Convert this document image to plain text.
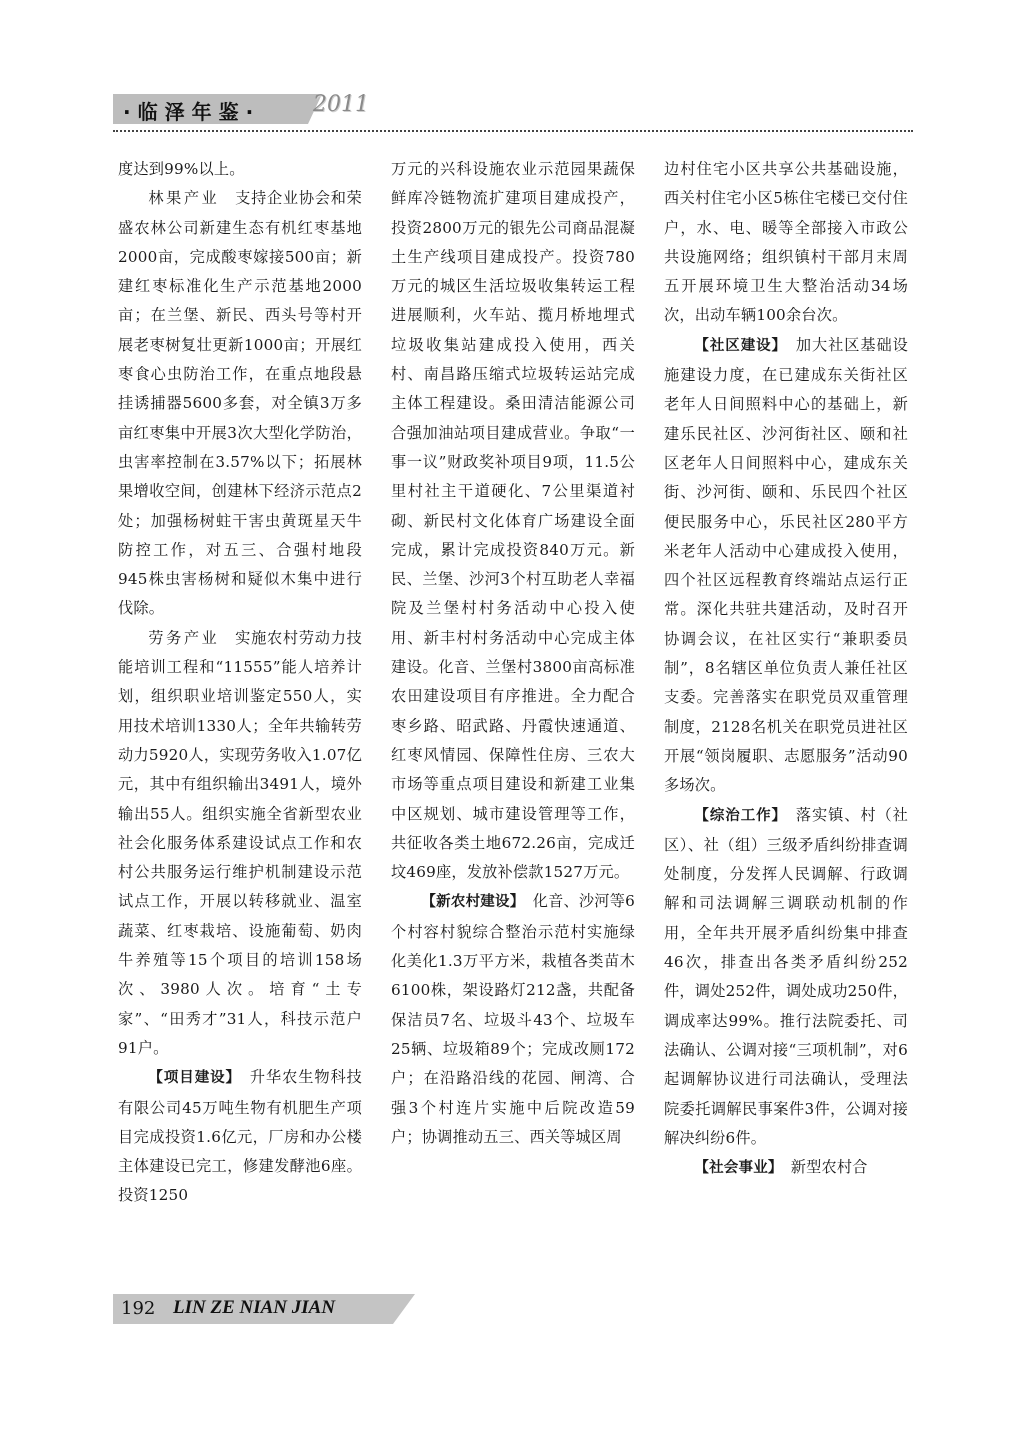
·临泽年鉴· 2011

度达到99%以上。

林果产业　支持企业协会和荣盛农林公司新建生态有机红枣基地2000亩，完成酸枣嫁接500亩；新建红枣标准化生产示范基地2000亩；在兰堡、新民、西头号等村开展老枣树复壮更新1000亩；开展红枣食心虫防治工作，在重点地段悬挂诱捕器5600多套，对全镇3万多亩红枣集中开展3次大型化学防治，虫害率控制在3.57%以下；拓展林果增收空间，创建林下经济示范点2处；加强杨树蛀干害虫黄斑星天牛防控工作，对五三、合强村地段945株虫害杨树和疑似木集中进行伐除。

劳务产业　实施农村劳动力技能培训工程和“11555”能人培养计划，组织职业培训鉴定550人，实用技术培训1330人；全年共输转劳动力5920人，实现劳务收入1.07亿元，其中有组织输出3491人，境外输出55人。组织实施全省新型农业社会化服务体系建设试点工作和农村公共服务运行维护机制建设示范试点工作，开展以转移就业、温室蔬菜、红枣栽培、设施葡萄、奶肉牛养殖等15个项目的培训158场次、3980人次。培育“土专家”、“田秀才”31人，科技示范户91户。

【项目建设】　升华农生物科技有限公司45万吨生物有机肥生产项目完成投资1.6亿元，厂房和办公楼主体建设已完工，修建发酵池6座。投资1250

万元的兴科设施农业示范园果蔬保鲜库冷链物流扩建项目建成投产，投资2800万元的银先公司商品混凝土生产线项目建成投产。投资780万元的城区生活垃圾收集转运工程进展顺利，火车站、揽月桥地埋式垃圾收集站建成投入使用，西关村、南昌路压缩式垃圾转运站完成主体工程建设。桑田清洁能源公司合强加油站项目建成营业。争取“一事一议”财政奖补项目9项，11.5公里村社主干道硬化、7公里渠道衬砌、新民村文化体育广场建设全面完成，累计完成投资840万元。新民、兰堡、沙河3个村互助老人幸福院及兰堡村村务活动中心投入使用、新丰村村务活动中心完成主体建设。化音、兰堡村3800亩高标准农田建设项目有序推进。全力配合枣乡路、昭武路、丹霞快速通道、红枣风情园、保障性住房、三农大市场等重点项目建设和新建工业集中区规划、城市建设管理等工作，共征收各类土地672.26亩，完成迁坟469座，发放补偿款1527万元。

【新农村建设】　化音、沙河等6个村容村貌综合整治示范村实施绿化美化1.3万平方米，栽植各类苗木6100株，架设路灯212盏，共配备保洁员7名、垃圾斗43个、垃圾车25辆、垃圾箱89个；完成改厕172户；在沿路沿线的花园、闸湾、合强3个村连片实施中后院改造59户；协调推动五三、西关等城区周

边村住宅小区共享公共基础设施，西关村住宅小区5栋住宅楼已交付住户，水、电、暖等全部接入市政公共设施网络；组织镇村干部月末周五开展环境卫生大整治活动34场次，出动车辆100余台次。

【社区建设】　加大社区基础设施建设力度，在已建成东关街社区老年人日间照料中心的基础上，新建乐民社区、沙河街社区、颐和社区老年人日间照料中心，建成东关街、沙河街、颐和、乐民四个社区便民服务中心，乐民社区280平方米老年人活动中心建成投入使用，四个社区远程教育终端站点运行正常。深化共驻共建活动，及时召开协调会议，在社区实行“兼职委员制”，8名辖区单位负责人兼任社区支委。完善落实在职党员双重管理制度，2128名机关在职党员进社区开展“领岗履职、志愿服务”活动90多场次。

【综治工作】　落实镇、村（社区）、社（组）三级矛盾纠纷排查调处制度，分发挥人民调解、行政调解和司法调解三调联动机制的作用，全年共开展矛盾纠纷集中排查46次，排查出各类矛盾纠纷252件，调处252件，调处成功250件，调成率达99%。推行法院委托、司法确认、公调对接“三项机制”，对6起调解协议进行司法确认，受理法院委托调解民事案件3件，公调对接解决纠纷6件。

【社会事业】　新型农村合

192 LIN ZE NIAN JIAN
